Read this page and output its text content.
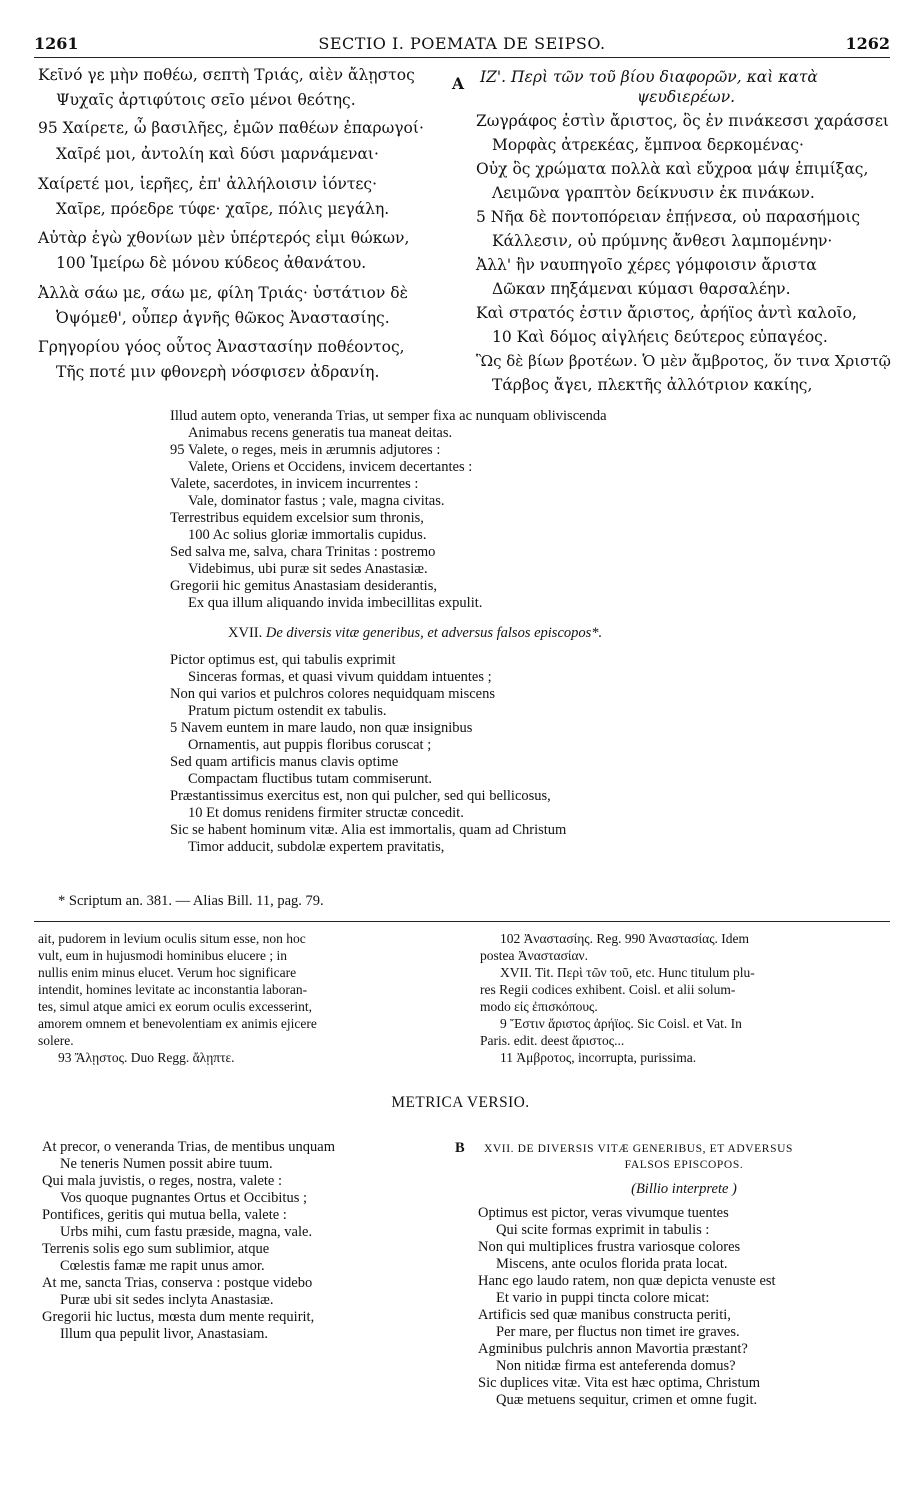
1261	SECTIO I. POEMATA DE SEIPSO.	1262
Κεῖνό γε μὴν ποθέω, σεπτὴ Τριάς, αἰὲν ἄλῃστος
Ψυχαῖς ἀρτιφύτοις σεῖο μένοι θεότης.
95 Χαίρετε, ὦ βασιλῆες, ἐμῶν παθέων ἐπαρωγοί·
Χαῖρέ μοι, ἀντολίη καὶ δύσι μαρνάμεναι·
Χαίρετέ μοι, ἱερῆες, ἐπ' ἀλλήλοισιν ἰόντες·
Χαῖρε, πρόεδρε τύφε· χαῖρε, πόλις μεγάλη.
Αὐτὰρ ἐγὼ χθονίων μὲν ὑπέρτερός εἰμι θώκων,
100 Ἱμείρω δὲ μόνου κύδεος ἀθανάτου.
Ἀλλὰ σάω με, σάω με, φίλη Τριάς· ὑστάτιον δὲ
Ὀψόμεθ', οὗπερ ἁγνῆς θῶκος Ἀναστασίης.
Γρηγορίου γόος οὗτος Ἀναστασίην ποθέοντος,
Τῆς ποτέ μιν φθονερὴ νόσφισεν ἀδρανίη.
A IZ'. Περὶ τῶν τοῦ βίου διαφορῶν, καὶ κατὰ
ψευδιερέων.
Ζωγράφος ἐστὶν ἄριστος, ὃς ἐν πινάκεσσι χαράσσει
Μορφὰς ἀτρεκέας, ἔμπνοα δερκομένας·
Οὐχ ὃς χρώματα πολλὰ καὶ εὔχροα μάψ ἐπιμίξας,
Λειμῶνα γραπτὸν δείκνυσιν ἐκ πινάκων.
5 Νῆα δὲ ποντοπόρειαν ἐπῄνεσα, οὐ παρασήμοις
Κάλλεσιν, οὐ πρύμνης ἄνθεσι λαμπομένην·
Ἀλλ' ἣν ναυπηγοῖο χέρες γόμφοισιν ἄριστα
Δῶκαν πηξάμεναι κύμασι θαρσαλέην.
Καὶ στρατός ἐστιν ἄριστος, ἀρήϊος ἀντὶ καλοῖο,
10 Καὶ δόμος αἰγλήεις δεύτερος εὐπαγέος.
Ὣς δὲ βίων βροτέων. Ὁ μὲν ἄμβροτος, ὅν τινα Χριστῷ
Τάρβος ἄγει, πλεκτῆς ἀλλότριον κακίης,
Illud autem opto, veneranda Trias, ut semper fixa ac nunquam obliviscenda
Animabus recens generatis tua maneat deitas.
95 Valete, o reges, meis in ærumnis adjutores :
Valete, Oriens et Occidens, invicem decertantes :
Valete, sacerdotes, in invicem incurrentes :
Vale, dominator fastus ; vale, magna civitas.
Terrestribus equidem excelsior sum thronis,
100 Ac solius gloriæ immortalis cupidus.
Sed salva me, salva, chara Trinitas : postremo
Videbimus, ubi puræ sit sedes Anastasiæ.
Gregorii hic gemitus Anastasiam desiderantis,
Ex qua illum aliquando invida imbecillitas expulit.
XVII. De diversis vitæ generibus, et adversus falsos episcopos*.
Pictor optimus est, qui tabulis exprimit
Sinceras formas, et quasi vivum quiddam intuentes ;
Non qui varios et pulchros colores nequidquam miscens
Pratum pictum ostendit ex tabulis.
5 Navem euntem in mare laudo, non quæ insignibus
Ornamentis, aut puppis floribus coruscat ;
Sed quam artificis manus clavis optime
Compactam fluctibus tutam commiserunt.
Præstantissimus exercitus est, non qui pulcher, sed qui bellicosus,
10 Et domus renidens firmiter structæ concedit.
Sic se habent hominum vitæ. Alia est immortalis, quam ad Christum
Timor adducit, subdolæ expertem pravitatis,
* Scriptum an. 381. — Alias Bill. 11, pag. 79.
ait, pudorem in levium oculis situm esse, non hoc
vult, eum in hujusmodi hominibus elucere ; in
nullis enim minus elucet. Verum hoc significare
intendit, homines levitate ac inconstantia laboran-
tes, simul atque amici ex eorum oculis excesserint,
amorem omnem et benevolentiam ex animis ejicere
solere.
93 Ἄλῃστος. Duo Regg. ἄλῃπτε.
102 Ἀναστασίης. Reg. 990 Ἀναστασίας. Idem
postea Ἀναστασίαν.
XVII. Tit. Περὶ τῶν τοῦ, etc. Hunc titulum plu-
res Regii codices exhibent. Coisl. et alii solum-
modo εἰς ἐπισκόπους.
9 Ἔστιν ἄριστος ἀρήϊος. Sic Coisl. et Vat. In
Paris. edit. deest ἄριστος...
11 Ἀμβροτος, incorrupta, purissima.
METRICA VERSIO.
At precor, o veneranda Trias, de mentibus unquam
Ne teneris Numen possit abire tuum.
Qui mala juvistis, o reges, nostra, valete :
Vos quoque pugnantes Ortus et Occibitus ;
Pontifices, geritis qui mutua bella, valete :
Urbs mihi, cum fastu præside, magna, vale.
Terrenis solis ego sum sublimior, atque
Cœlestis famæ me rapit unus amor.
At me, sancta Trias, conserva : postque videbo
Puræ ubi sit sedes inclyta Anastasiæ.
Gregorii hic luctus, mœsta dum mente requirit,
Illum qua pepulit livor, Anastasiam.
B XVII. DE DIVERSIS VITÆ GENERIBUS, ET ADVERSUS
FALSOS EPISCOPOS.
(Billio interprete )
Optimus est pictor, veras vivumque tuentes
Qui scite formas exprimit in tabulis :
Non qui multiplices frustra variosque colores
Miscens, ante oculos florida prata locat.
Hanc ego laudo ratem, non quæ depicta venuste est
Et vario in puppi tincta colore micat:
Artificis sed quæ manibus constructa periti,
Per mare, per fluctus non timet ire graves.
Agminibus pulchris annon Mavortia præstant?
Non nitidæ firma est anteferenda domus?
Sic duplices vitæ. Vita est hæc optima, Christum
Quæ metuens sequitur, crimen et omne fugit.
